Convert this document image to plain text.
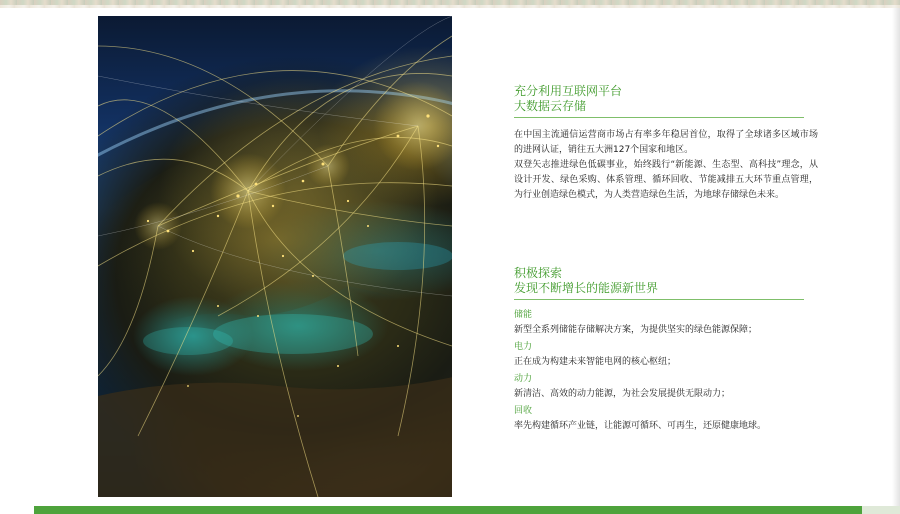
充分利用互联网平台

大数据云存储

在中国主流通信运营商市场占有率多年稳居首位，取得了全球诸多区域市场的进网认证，销往五大洲127个国家和地区。

双登矢志推进绿色低碳事业，始终践行“新能源、生态型、高科技”理念，从设计开发、绿色采购、体系管理、循环回收、节能减排五大环节重点管理，为行业创造绿色模式，为人类营造绿色生活，为地球存储绿色未来。

积极探索

发现不断增长的能源新世界

储能

新型全系列储能存储解决方案，为提供坚实的绿色能源保障；

电力

正在成为构建未来智能电网的核心枢纽；

动力

新清洁、高效的动力能源，为社会发展提供无限动力；

回收

率先构建循环产业链，让能源可循环、可再生，还原健康地球。
